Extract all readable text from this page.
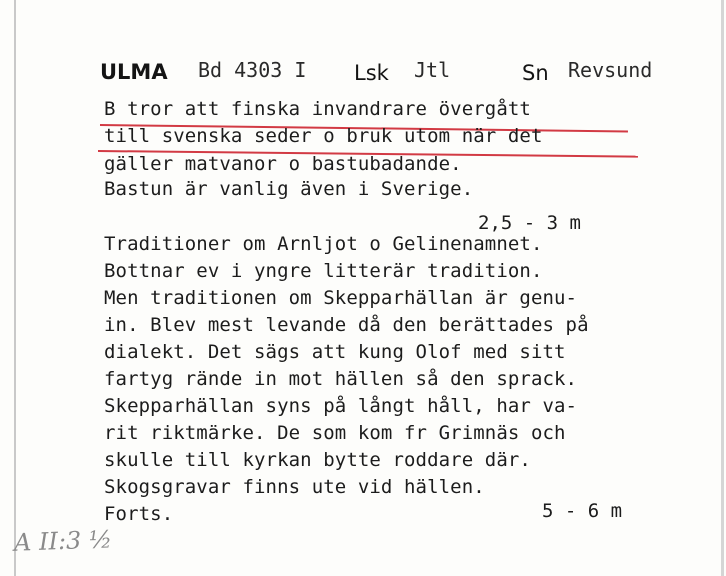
ULMA Bd 4303 I Lsk Jtl	Sn Revsund
B tror att finska invandrare övergått
till svenska seder o bruk utom när det
gäller matvanor o bastubadande.
Bastun är vanlig även i Sverige.
2,5 - 3 m
Traditioner om Arnljot o Gelinenamnet.
Bottnar ev i yngre litterär tradition.
Men traditionen om Skepparhällan är genu-
in. Blev mest levande då den berättades på
dialekt. Det sägs att kung Olof med sitt
fartyg rände in mot hällen så den sprack.
Skepparhällan syns på långt håll, har va-
rit riktmärke. De som kom fr Grimnäs och
skulle till kyrkan bytte roddare där.
Skogsgravar finns ute vid hällen.
Forts.	5 - 6 m
A II:3 ½
